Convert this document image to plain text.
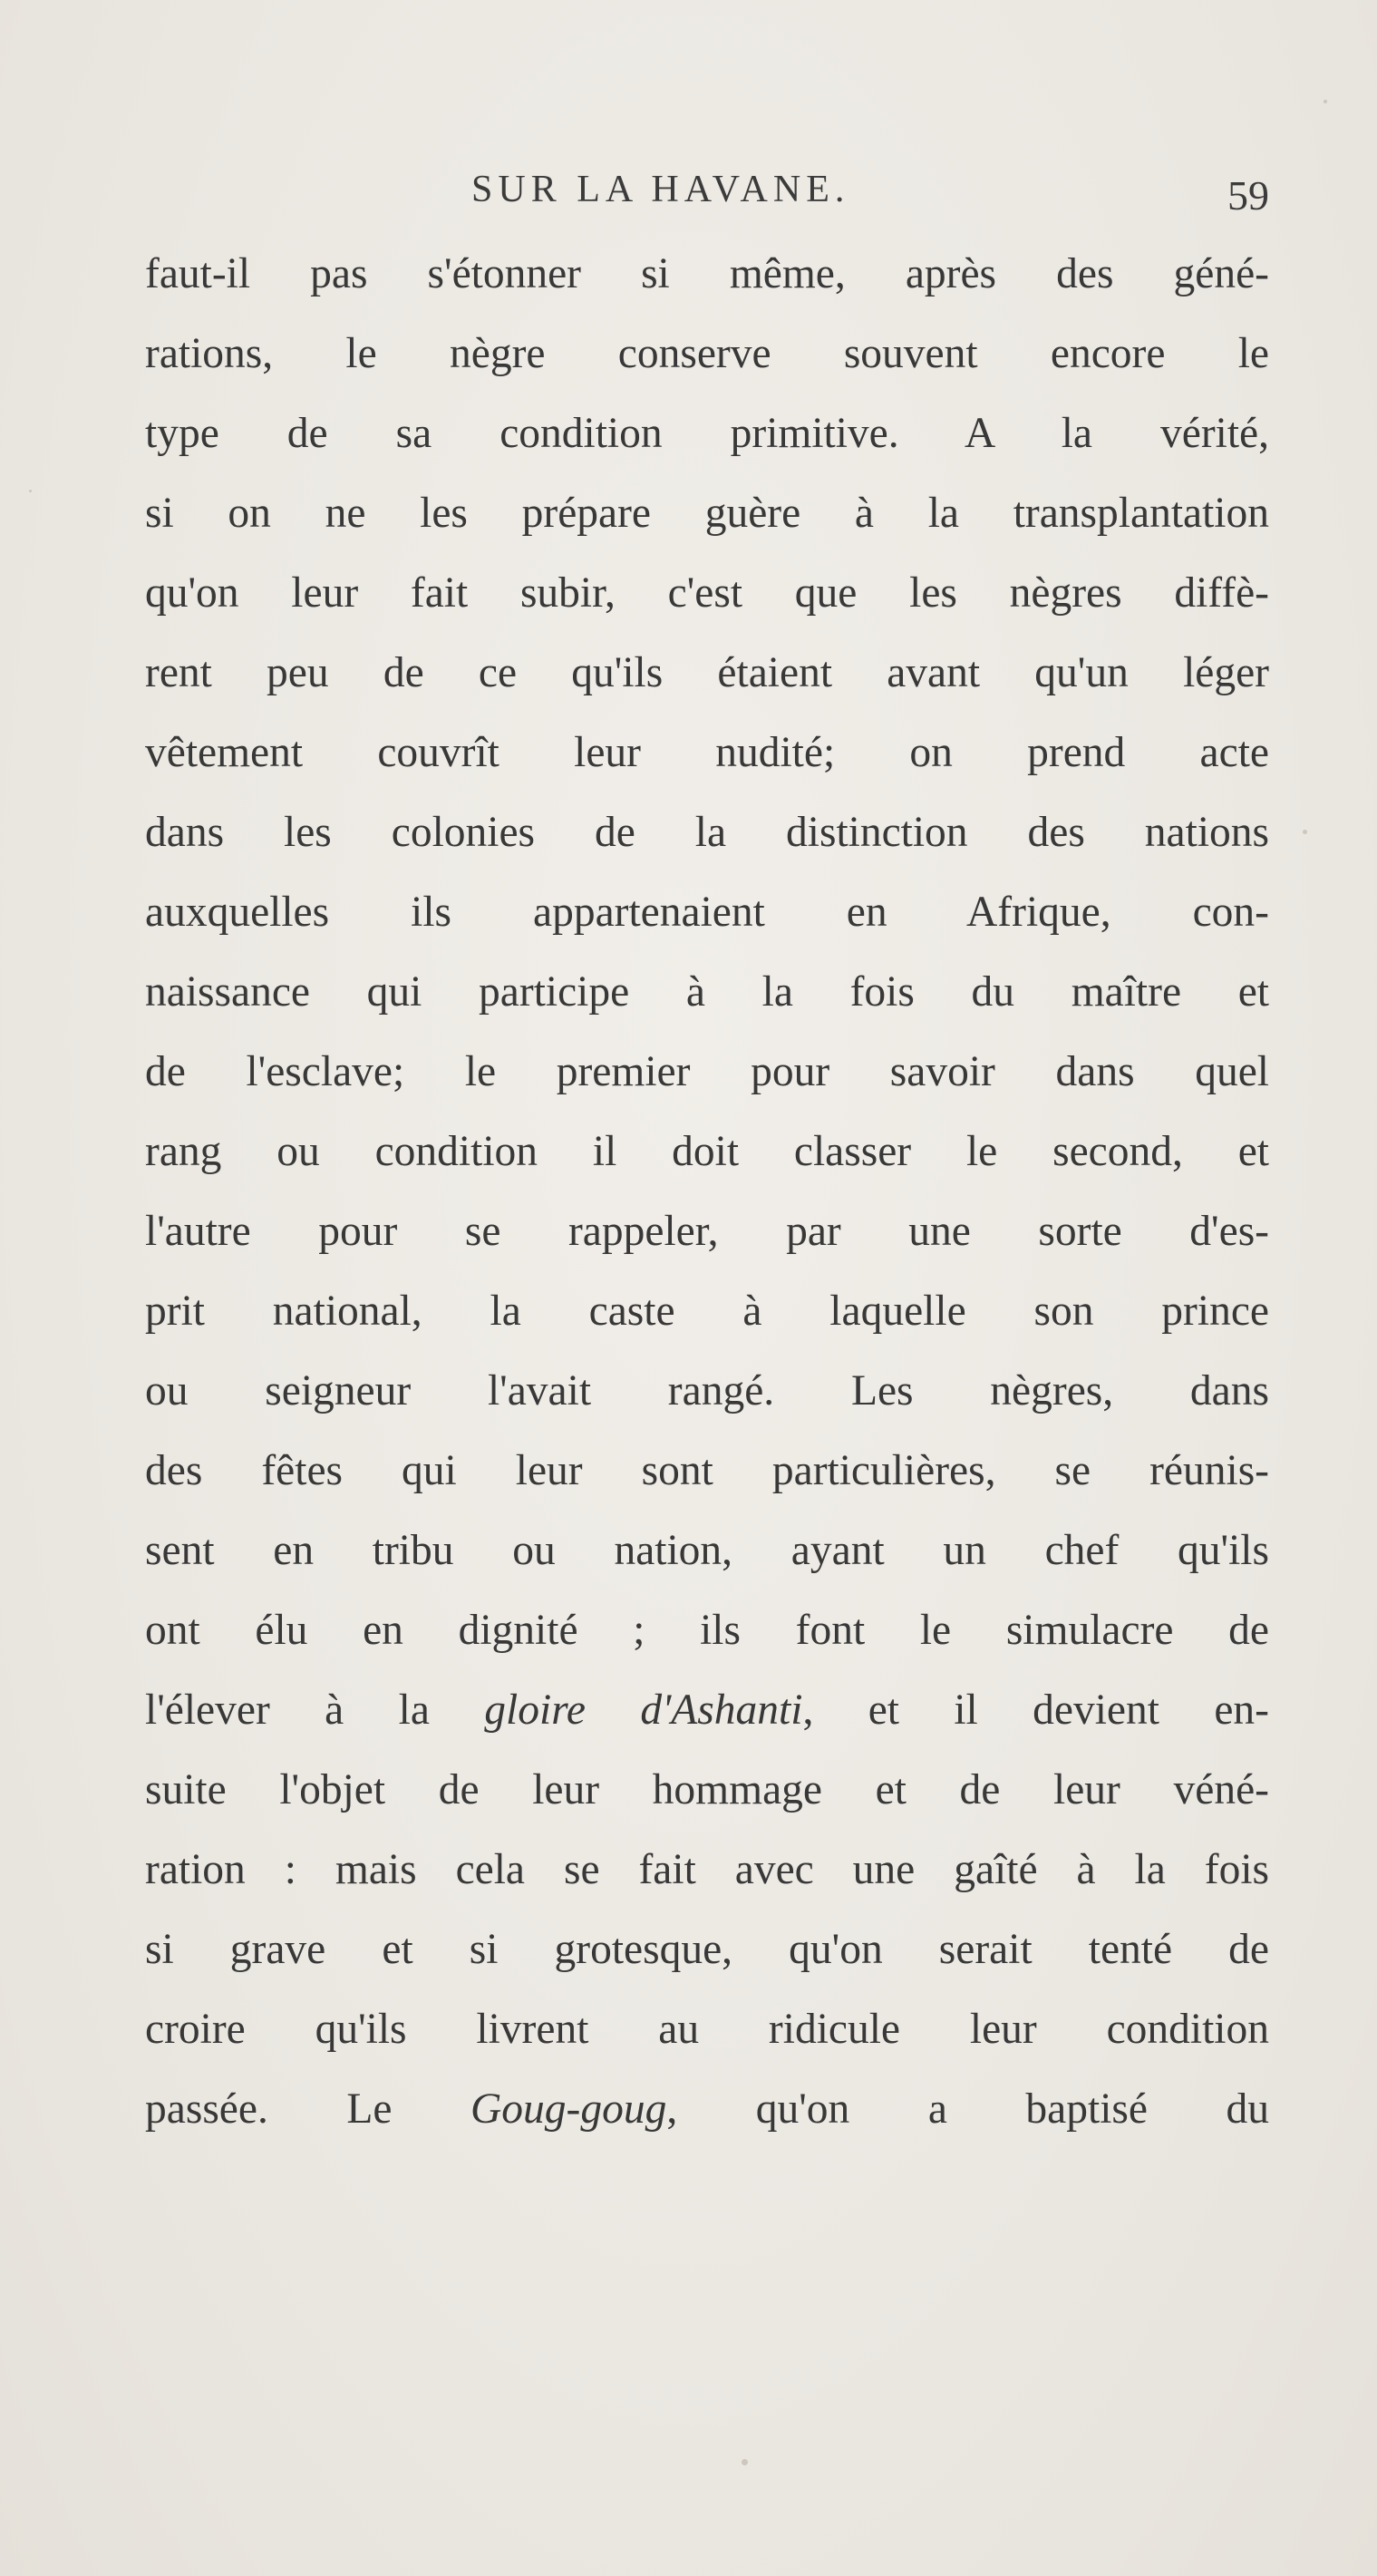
SUR LA HAVANE.	59
faut-il pas s'étonner si même, après des géné-
rations, le nègre conserve souvent encore le
type de sa condition primitive. A la vérité,
si on ne les prépare guère à la transplantation
qu'on leur fait subir, c'est que les nègres diffè-
rent peu de ce qu'ils étaient avant qu'un léger
vêtement couvrît leur nudité; on prend acte
dans les colonies de la distinction des nations
auxquelles ils appartenaient en Afrique, con-
naissance qui participe à la fois du maître et
de l'esclave; le premier pour savoir dans quel
rang ou condition il doit classer le second, et
l'autre pour se rappeler, par une sorte d'es-
prit national, la caste à laquelle son prince
ou seigneur l'avait rangé. Les nègres, dans
des fêtes qui leur sont particulières, se réunis-
sent en tribu ou nation, ayant un chef qu'ils
ont élu en dignité ; ils font le simulacre de
l'élever à la gloire d'Ashanti, et il devient en-
suite l'objet de leur hommage et de leur véné-
ration : mais cela se fait avec une gaîté à la fois
si grave et si grotesque, qu'on serait tenté de
croire qu'ils livrent au ridicule leur condition
passée. Le Goug-goug, qu'on a baptisé du
